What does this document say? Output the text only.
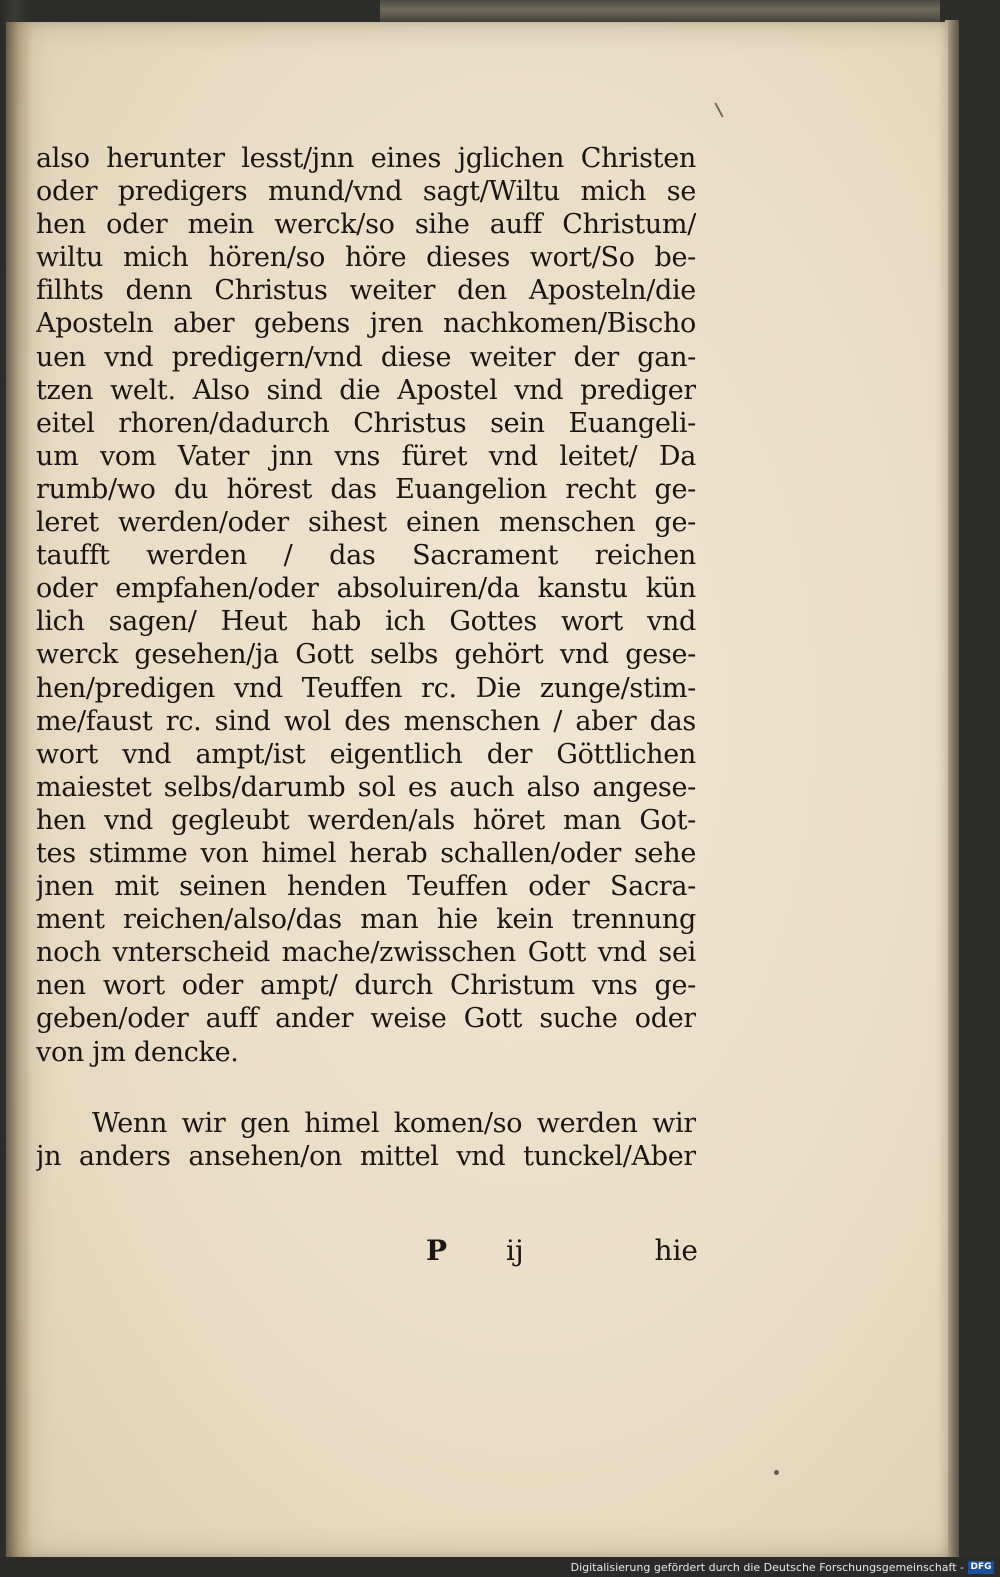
also herunter lesst/jnn eines jglichen Christen
oder predigers mund/vnd sagt/Wiltu mich se
hen oder mein werck/so sihe auff Christum/
wiltu mich hören/so höre dieses wort/So be-
filhts denn Christus weiter den Aposteln/die
Aposteln aber gebens jren nachkomen/Bischo
uen vnd predigern/vnd diese weiter der gan-
tzen welt. Also sind die Apostel vnd prediger
eitel rhoren/dadurch Christus sein Euangeli-
um vom Vater jnn vns füret vnd leitet/ Da
rumb/wo du hörest das Euangelion recht ge-
leret werden/oder sihest einen menschen ge-
taufft werden / das Sacrament reichen
oder empfahen/oder absoluiren/da kanstu kün
lich sagen/ Heut hab ich Gottes wort vnd
werck gesehen/ja Gott selbs gehört vnd gese-
hen/predigen vnd Teuffen rc. Die zunge/stim-
me/faust rc. sind wol des menschen / aber das
wort vnd ampt/ist eigentlich der Göttlichen
maiestet selbs/darumb sol es auch also angese-
hen vnd gegleubt werden/als höret man Got-
tes stimme von himel herab schallen/oder sehe
jnen mit seinen henden Teuffen oder Sacra-
ment reichen/also/das man hie kein trennung
noch vnterscheid mache/zwisschen Gott vnd sei
nen wort oder ampt/ durch Christum vns ge-
geben/oder auff ander weise Gott suche oder
von jm dencke.
Wenn wir gen himel komen/so werden wir
jn anders ansehen/on mittel vnd tunckel/Aber
P ij	hie
Digitalisierung gefördert durch die Deutsche Forschungsgemeinschaft - DFG
